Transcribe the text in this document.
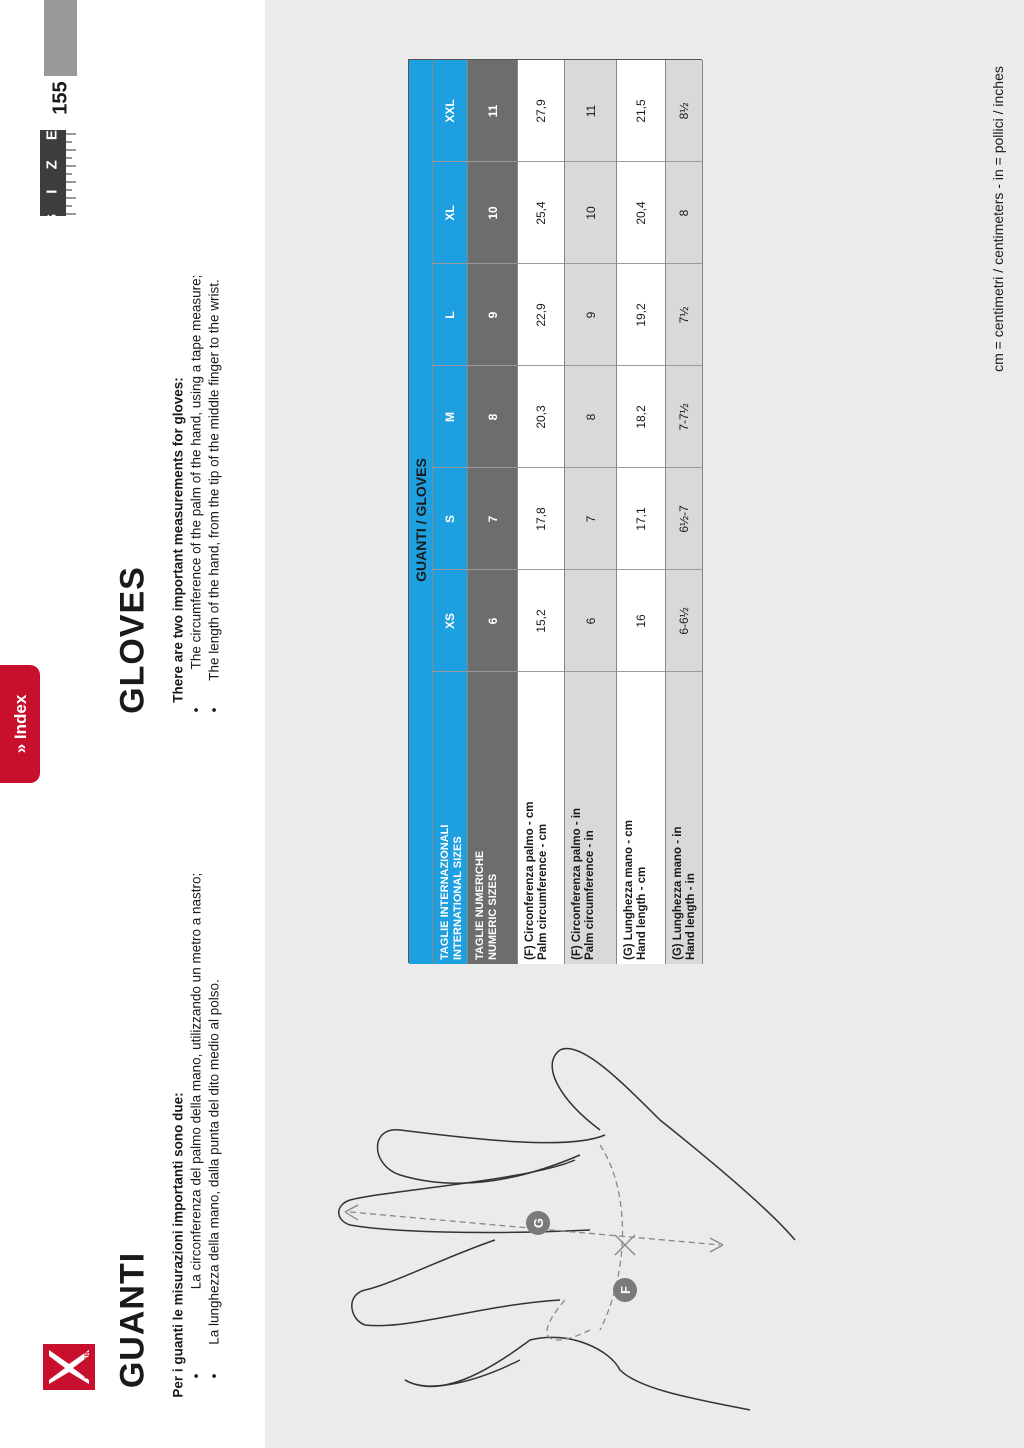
» Index
PAYPER
155
S I Z E
GUANTI Per i guanti le misurazioni importanti sono due: •
La circonferenza del palmo della mano, utilizzando un metro a nastro;
•
La lunghezza della mano, dalla punta del dito medio al polso.
GLOVES There are two important measurements for gloves:
•
The circumference of the palm of the hand, using a tape measure;
•
The length of the hand, from the tip of the middle finger to the wrist.
G
F
GUANTI / GLOVES
XS
S
M
L
XL
XXL
TAGLIE INTERNAZIONALI
INTERNATIONAL SIZES
6
7
8
9
10
11
TAGLIE NUMERICHE
NUMERIC SIZES
15,2
17,8
20,3
22,9
25,4
27,9
(F) Circonferenza palmo - cm
Palm circumference - cm
6
7
8
9
10
11
(F) Circonferenza palmo - in
Palm circumference - in
16
17,1
18,2
19,2
20,4
21,5
(G) Lunghezza mano - cm
Hand length - cm
6-6½
6½-7
7-7½
7½
8
8½
(G) Lunghezza mano - in
Hand length - in
cm = centimetri / centimeters - in = pollici / inches
